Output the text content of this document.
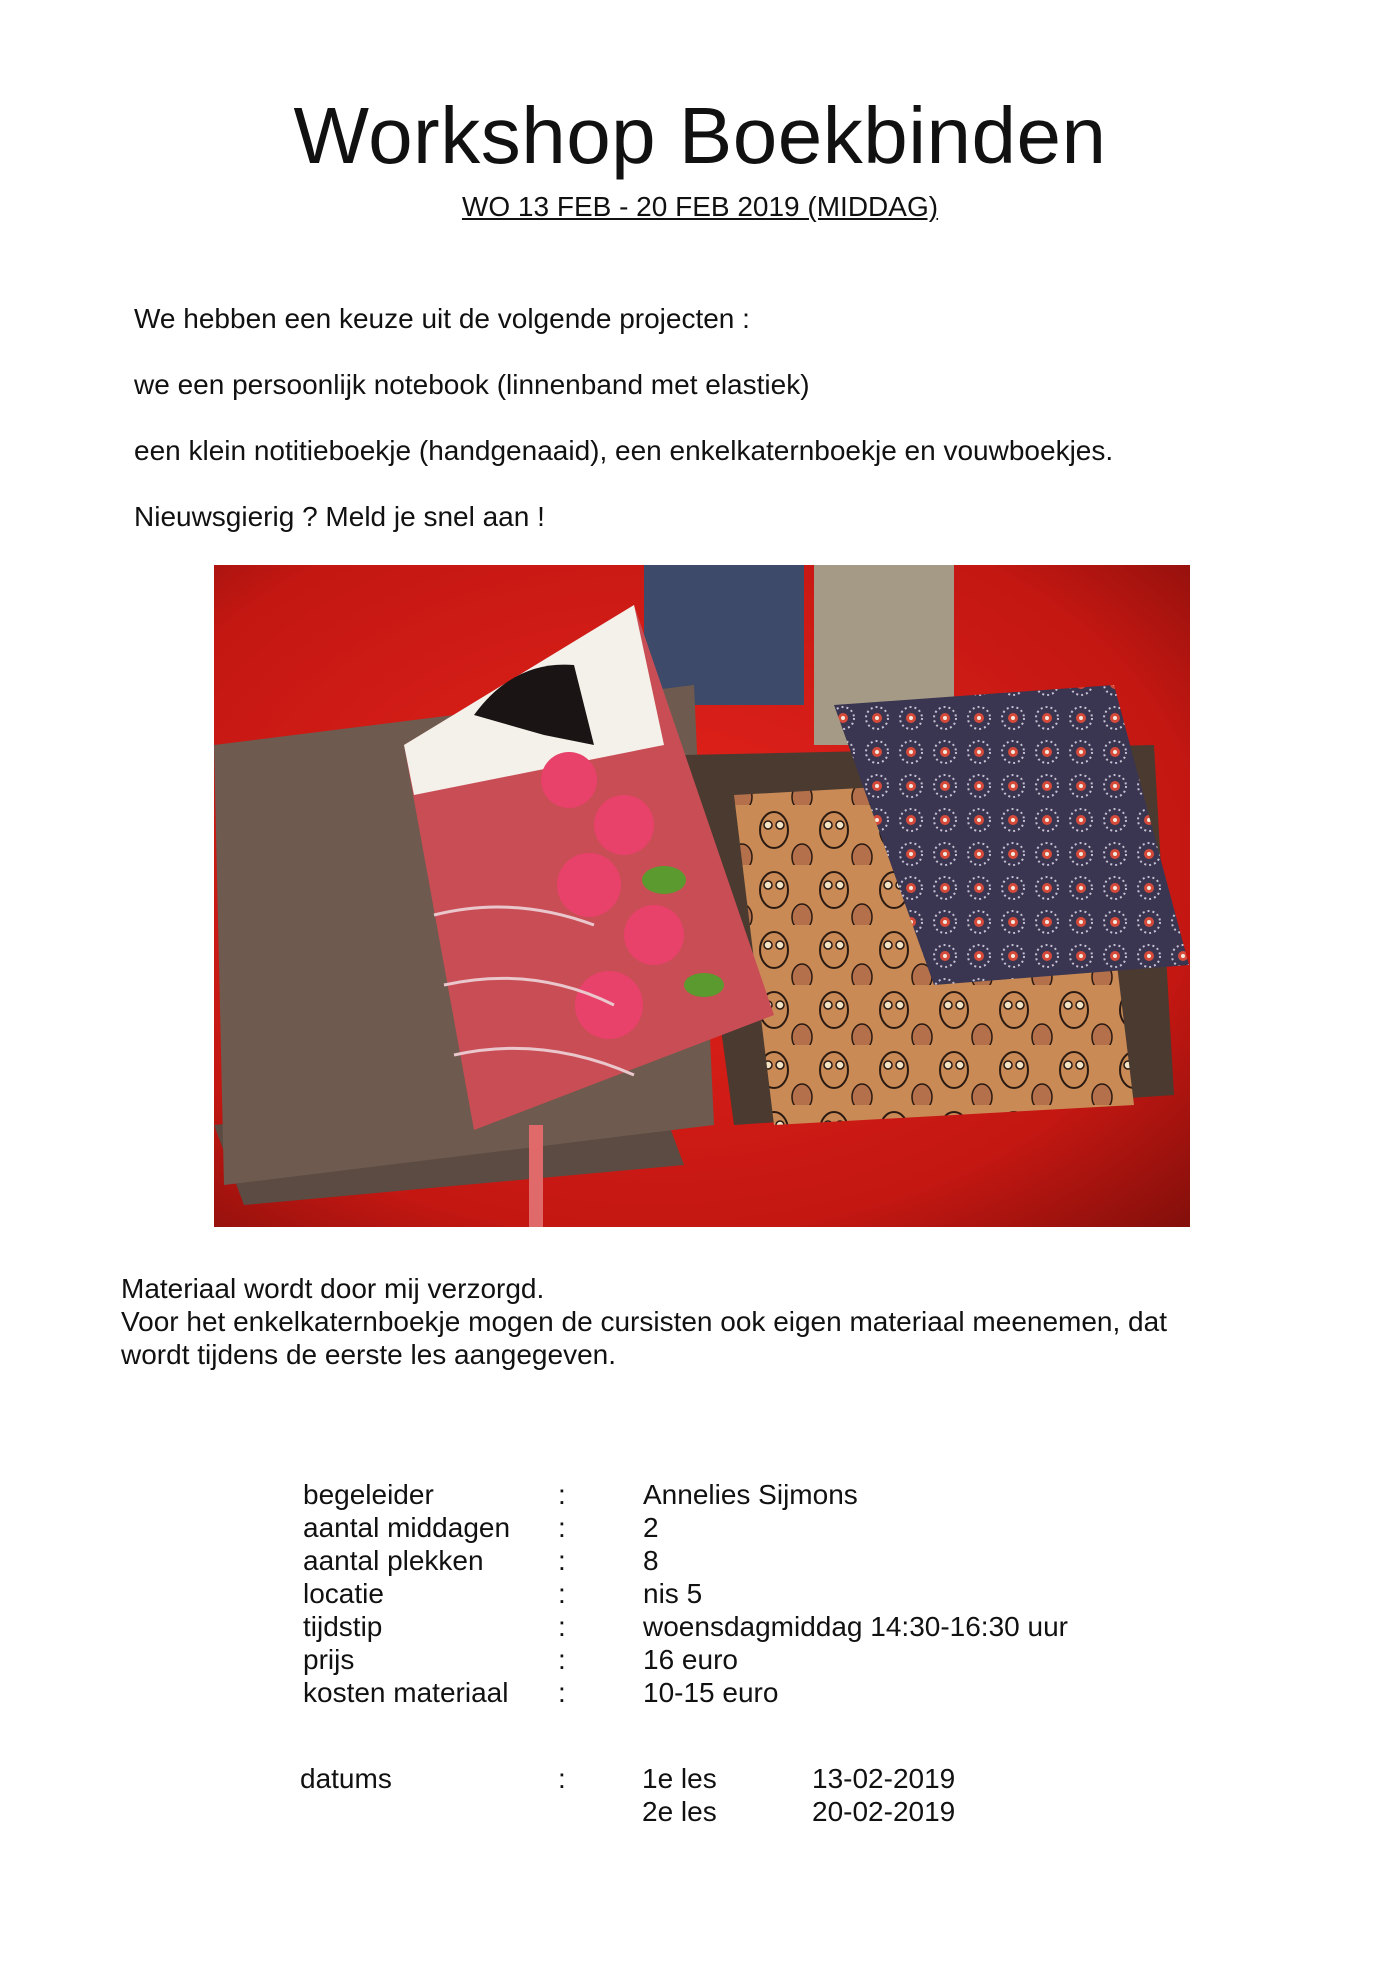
Workshop Boekbinden
WO 13 FEB - 20 FEB 2019 (MIDDAG)

We hebben een keuze uit de volgende projecten :

we een persoonlijk notebook (linnenband met elastiek)

een klein notitieboekje (handgenaaid), een enkelkaternboekje en vouwboekjes.

Nieuwsgierig ? Meld je snel aan !

Materiaal wordt door mij verzorgd.

Voor het enkelkaternboekje mogen de cursisten ook eigen materiaal meenemen, dat

wordt tijdens de eerste les aangegeven.

begeleider	:	Annelies Sijmons
aantal middagen :	2
aantal plekken	:	8
locatie	:	nis 5
tijdstip	:	woensdagmiddag 14:30-16:30 uur
prijs	:	16 euro
kosten materiaal :	10-15 euro
datums	:	1e les	13-02-2019
2e les	20-02-2019
